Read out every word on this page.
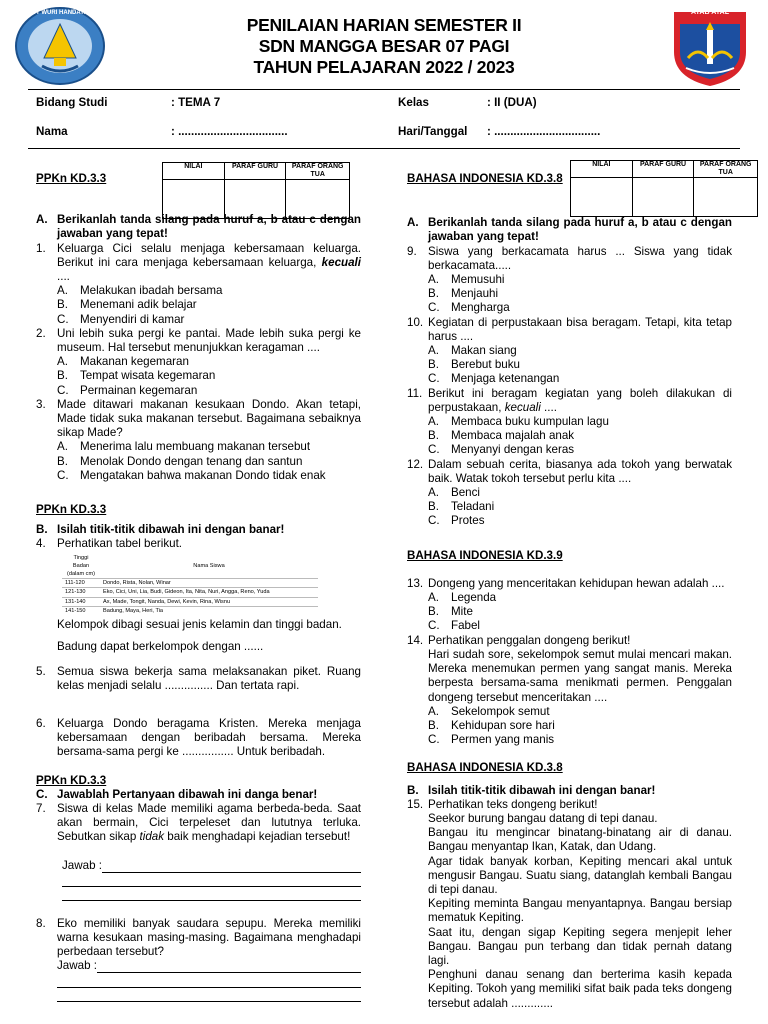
TUT WURI HANDAYANI
PENILAIAN HARIAN SEMESTER II
SDN MANGGA BESAR 07 PAGI
TAHUN PELAJARAN 2022 / 2023
AYAB AYAL
Bidang Studi	: TEMA 7	Kelas	: II (DUA)
Nama	: ..................................	Hari/Tanggal : .................................
NILAI	PARAF GURU	PARAF ORANG TUA

NILAI	PARAF GURU	PARAF ORANG TUA

PPKn KD.3.3
A. Berikanlah tanda silang pada huruf a, b atau c dengan jawaban yang tepat!
1. Keluarga Cici selalu menjaga kebersamaan keluarga. Berikut ini cara menjaga kebersamaan keluarga, kecuali ....
A.	Melakukan ibadah bersama
B.	Menemani adik belajar
C. Menyendiri di kamar
2. Uni lebih suka pergi ke pantai. Made lebih suka pergi ke museum. Hal tersebut menunjukkan keragaman ....
A.	Makanan kegemaran
B.	Tempat wisata kegemaran
C. Permainan kegemaran
3. Made ditawari makanan kesukaan Dondo. Akan tetapi, Made tidak suka makanan tersebut. Bagaimana sebaiknya sikap Made?
A.	Menerima lalu membuang makanan tersebut
B.	Menolak Dondo dengan tenang dan santun
C. Mengatakan bahwa makanan Dondo tidak enak
PPKn KD.3.3
B. Isilah titik-titik dibawah ini dengan banar!
4. Perhatikan tabel berikut.
Tinggi Badan (dalam cm)	Nama Siswa
111-120	Dondo, Rista, Nolan, Winar
121-130	Eko, Cici, Uni, Lia, Budi, Gideon, Ita, Nita, Nuri, Angga, Reno, Yuda
131-140	Ax, Made, Tongit, Nanda, Dewi, Kevin, Rina, Wisnu
141-150	Badung, Maya, Heri, Tia
Kelompok dibagi sesuai jenis kelamin dan tinggi badan.
Badung dapat berkelompok dengan ......
5. Semua siswa bekerja sama melaksanakan piket. Ruang kelas menjadi selalu ............... Dan tertata rapi.
6. Keluarga Dondo beragama Kristen. Mereka menjaga kebersamaan dengan beribadah bersama. Mereka bersama-sama pergi ke ................ Untuk beribadah.
PPKn KD.3.3
C. Jawablah Pertanyaan dibawah ini danga benar!
7. Siswa di kelas Made memiliki agama berbeda-beda. Saat akan bermain, Cici terpeleset dan lututnya terluka. Sebutkan sikap tidak baik menghadapi kejadian tersebut!
Jawab :
8. Eko memiliki banyak saudara sepupu. Mereka memiliki warna kesukaan masing-masing. Bagaimana menghadapi perbedaan tersebut?
Jawab :
BAHASA INDONESIA KD.3.8
A. Berikanlah tanda silang pada huruf a, b atau c dengan jawaban yang tepat!
9. Siswa yang berkacamata harus ... Siswa yang tidak berkacamata.....
A.	Memusuhi
B.	Menjauhi
C. Mengharga
10. Kegiatan di perpustakaan bisa beragam. Tetapi, kita tetap harus ....
A.	Makan siang
B.	Berebut buku
C. Menjaga ketenangan
11. Berikut ini beragam kegiatan yang boleh dilakukan di perpustakaan, kecuali ....
A.	Membaca buku kumpulan lagu
B.	Membaca majalah anak
C. Menyanyi dengan keras
12. Dalam sebuah cerita, biasanya ada tokoh yang berwatak baik. Watak tokoh tersebut perlu kita ....
A.	Benci
B.	Teladani
C. Protes
BAHASA INDONESIA KD.3.9
13. Dongeng yang menceritakan kehidupan hewan adalah ....
A.	Legenda
B.	Mite
C. Fabel
14. Perhatikan penggalan dongeng berikut!
Hari sudah sore, sekelompok semut mulai mencari makan. Mereka menemukan permen yang sangat manis. Mereka berpesta bersama-sama menikmati permen. Penggalan dongeng tersebut menceritakan ....
A.	Sekelompok semut
B.	Kehidupan sore hari
C. Permen yang manis
BAHASA INDONESIA KD.3.8
B. Isilah titik-titik dibawah ini dengan banar!
15. Perhatikan teks dongeng berikut!
Seekor burung bangau datang di tepi danau.
Bangau itu mengincar binatang-binatang air di danau. Bangau menyantap Ikan, Katak, dan Udang.
Agar tidak banyak korban, Kepiting mencari akal untuk mengusir Bangau. Suatu siang, datanglah kembali Bangau di tepi danau.
Kepiting meminta Bangau menyantapnya. Bangau bersiap mematuk Kepiting.
Saat itu, dengan sigap Kepiting segera menjepit leher Bangau. Bangau pun terbang dan tidak pernah datang lagi.
Penghuni danau senang dan berterima kasih kepada Kepiting. Tokoh yang memiliki sifat baik pada teks dongeng tersebut adalah .............
